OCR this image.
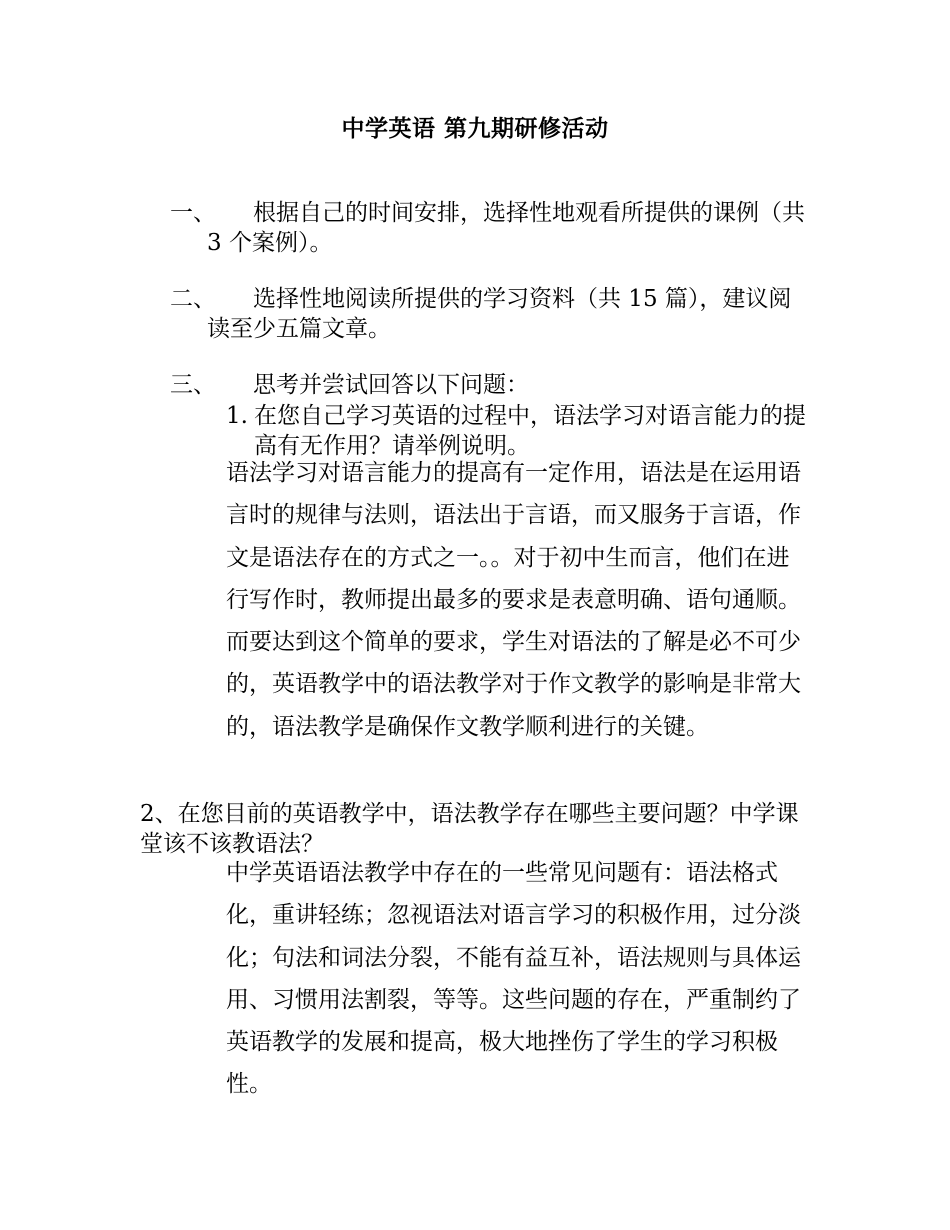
中学英语 第九期研修活动
一、	根据自己的时间安排，选择性地观看所提供的课例（共 3 个案例）。
二、	选择性地阅读所提供的学习资料（共 15 篇），建议阅读至少五篇文章。
三、	思考并尝试回答以下问题：
1. 在您自己学习英语的过程中，语法学习对语言能力的提高有无作用？请举例说明。
语法学习对语言能力的提高有一定作用，语法是在运用语言时的规律与法则，语法出于言语，而又服务于言语，作文是语法存在的方式之一。。对于初中生而言，他们在进行写作时，教师提出最多的要求是表意明确、语句通顺。而要达到这个简单的要求，学生对语法的了解是必不可少的，英语教学中的语法教学对于作文教学的影响是非常大的，语法教学是确保作文教学顺利进行的关键。
2、在您目前的英语教学中，语法教学存在哪些主要问题？中学课堂该不该教语法？
中学英语语法教学中存在的一些常见问题有：语法格式化，重讲轻练；忽视语法对语言学习的积极作用，过分淡化；句法和词法分裂，不能有益互补，语法规则与具体运用、习惯用法割裂，等等。这些问题的存在，严重制约了英语教学的发展和提高，极大地挫伤了学生的学习积极性。
